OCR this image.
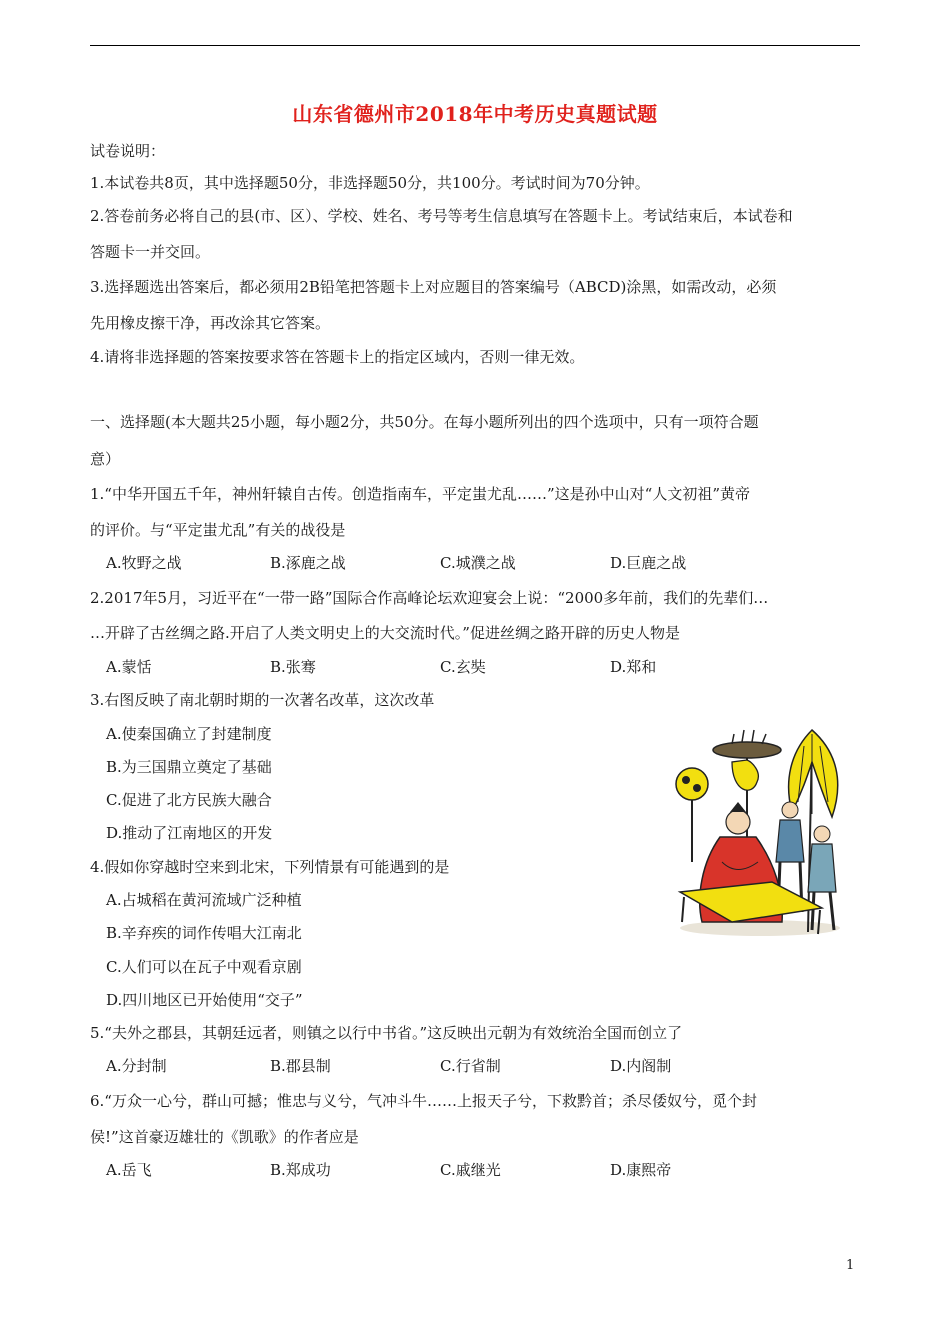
山东省德州市2018年中考历史真题试题
试卷说明：
1.本试卷共8页，其中选择题50分，非选择题50分，共100分。考试时间为70分钟。
2.答卷前务必将自己的县(市、区）、学校、姓名、考号等考生信息填写在答题卡上。考试结束后，本试卷和
答题卡一并交回。
3.选择题选出答案后，都必须用2B铅笔把答题卡上对应题目的答案编号（ABCD)涂黑，如需改动，必须
先用橡皮擦干净，再改涂其它答案。
4.请将非选择题的答案按要求答在答题卡上的指定区域内，否则一律无效。
一、选择题(本大题共25小题，每小题2分，共50分。在每小题所列出的四个选项中，只有一项符合题
意）
1.“中华开国五千年，神州轩辕自古传。创造指南车，平定蚩尤乱……”这是孙中山对“人文初祖”黄帝
的评价。与“平定蚩尤乱”有关的战役是
A.牧野之战	B.涿鹿之战	C.城濮之战	D.巨鹿之战
2.2017年5月，习近平在“一带一路”国际合作高峰论坛欢迎宴会上说：“2000多年前，我们的先辈们…
…开辟了古丝绸之路.开启了人类文明史上的大交流时代。”促进丝绸之路开辟的历史人物是
A.蒙恬	B.张骞	C.玄奘	D.郑和
3.右图反映了南北朝时期的一次著名改革，这次改革
A.使秦国确立了封建制度
B.为三国鼎立奠定了基础
C.促进了北方民族大融合
D.推动了江南地区的开发
4.假如你穿越时空来到北宋，下列情景有可能遇到的是
A.占城稻在黄河流域广泛种植
B.辛弃疾的词作传唱大江南北
C.人们可以在瓦子中观看京剧
D.四川地区已开始使用“交子”
5.“夫外之郡县，其朝廷远者，则镇之以行中书省。”这反映出元朝为有效统治全国而创立了
A.分封制	B.郡县制	C.行省制	D.内阁制
6.“万众一心兮，群山可撼；惟忠与义兮，气冲斗牛……上报天子兮，下救黔首；杀尽倭奴兮，觅个封
侯!”这首豪迈雄壮的《凯歌》的作者应是
A.岳飞	B.郑成功	C.戚继光	D.康熙帝
1
